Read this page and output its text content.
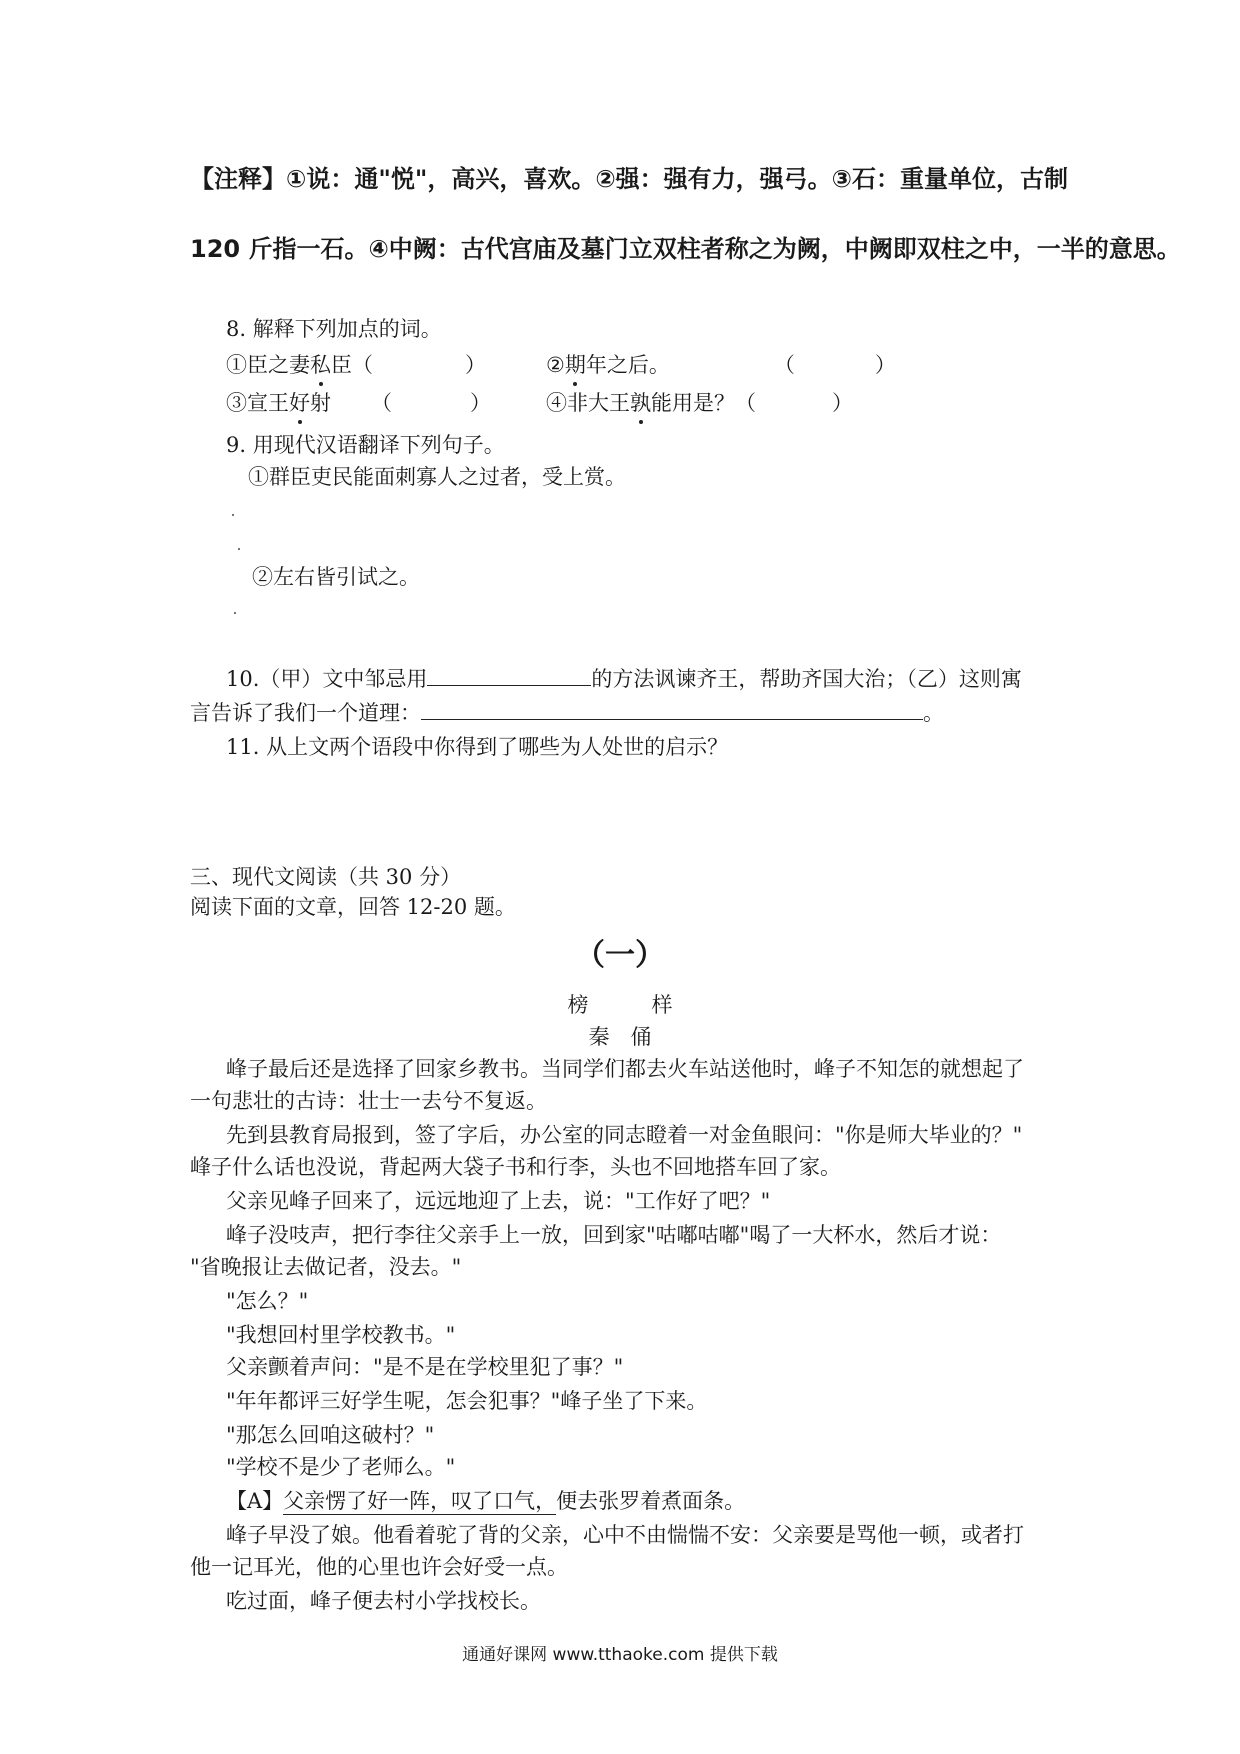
【注释】①说：通"悦"，高兴，喜欢。②强：强有力，强弓。③石：重量单位，古制
120 斤指一石。④中阙：古代宫庙及墓门立双柱者称之为阙，中阙即双柱之中，一半的意思。
8. 解释下列加点的词。
①臣之妻私臣（	）	②期年之后。	（	）
③宣王好射 （	）	④非大王孰能用是？（	）
9. 用现代汉语翻译下列句子。
①群臣吏民能面刺寡人之过者，受上赏。
②左右皆引试之。
10.（甲）文中邹忌用	的方法讽谏齐王，帮助齐国大治；（乙）这则寓
言告诉了我们一个道理：	。
11. 从上文两个语段中你得到了哪些为人处世的启示？
三、现代文阅读（共 30 分）
阅读下面的文章，回答 12-20 题。
（一）
榜　　　样
秦　俑
峰子最后还是选择了回家乡教书。当同学们都去火车站送他时，峰子不知怎的就想起了
一句悲壮的古诗：壮士一去兮不复返。
先到县教育局报到，签了字后，办公室的同志瞪着一对金鱼眼问："你是师大毕业的？"
峰子什么话也没说，背起两大袋子书和行李，头也不回地搭车回了家。
父亲见峰子回来了，远远地迎了上去，说："工作好了吧？"
峰子没吱声，把行李往父亲手上一放，回到家"咕嘟咕嘟"喝了一大杯水，然后才说：
"省晚报让去做记者，没去。"
"怎么？"
"我想回村里学校教书。"
父亲颤着声问："是不是在学校里犯了事？"
"年年都评三好学生呢，怎会犯事？"峰子坐了下来。
"那怎么回咱这破村？"
"学校不是少了老师么。"
【A】父亲愣了好一阵，叹了口气，便去张罗着煮面条。
峰子早没了娘。他看着驼了背的父亲，心中不由惴惴不安：父亲要是骂他一顿，或者打
他一记耳光，他的心里也许会好受一点。
吃过面，峰子便去村小学找校长。
通通好课网 www.tthaoke.com 提供下载
